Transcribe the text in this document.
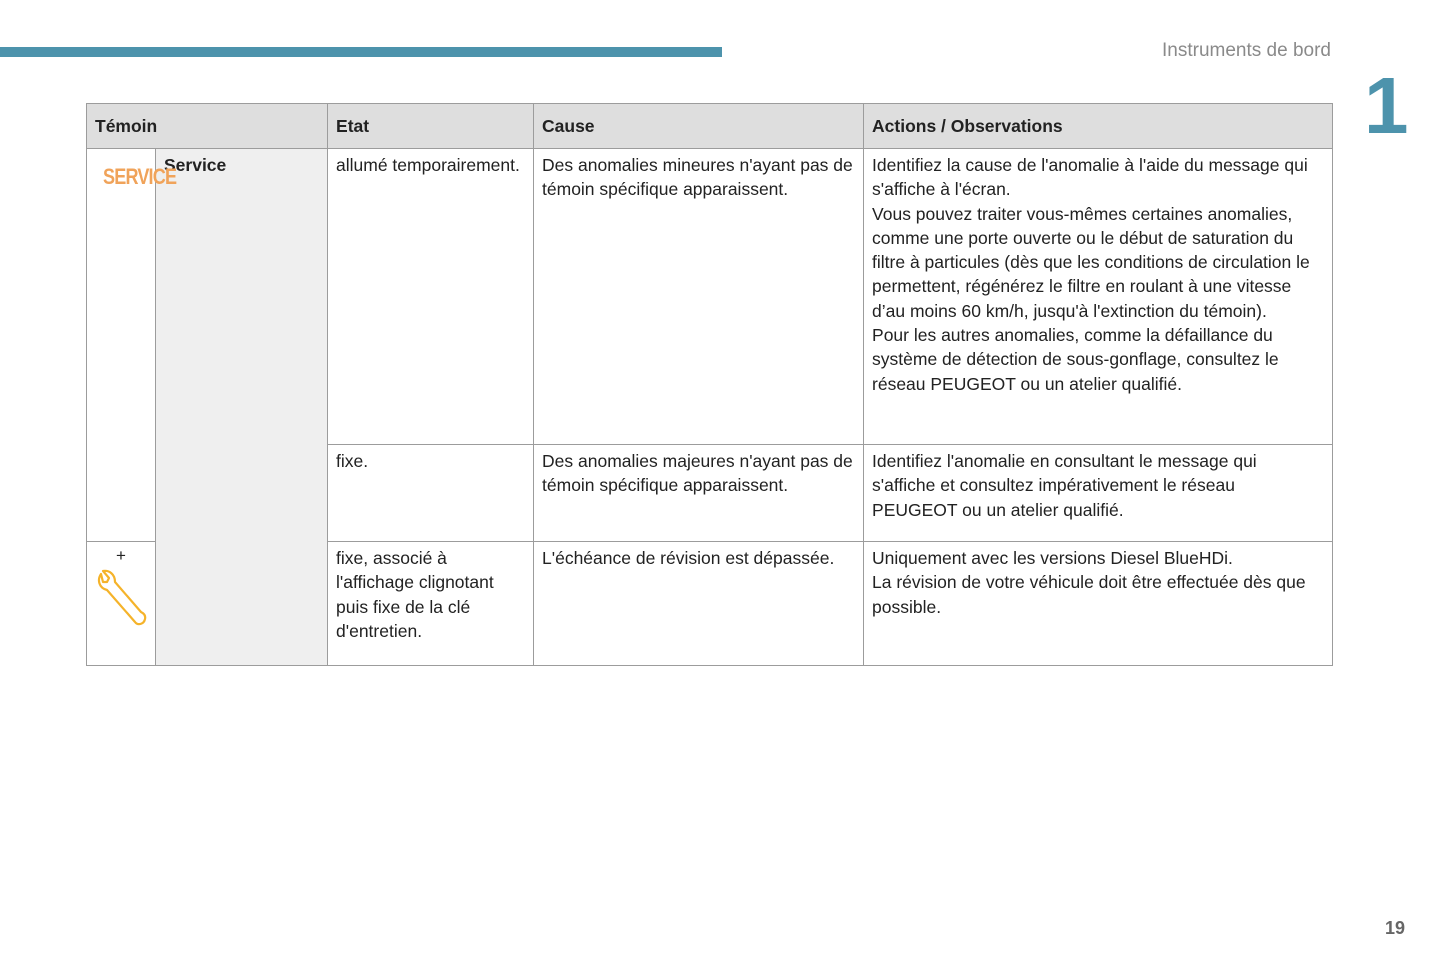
Instruments de bord
1
Témoin		Etat	Cause	Actions / Observations
SERVICE	Service	allumé temporairement.	Des anomalies mineures n'ayant pas de témoin spécifique apparaissent.	Identifiez la cause de l'anomalie à l'aide du message qui s'affiche à l'écran.
Vous pouvez traiter vous-mêmes certaines anomalies, comme une porte ouverte ou le début de saturation du filtre à particules (dès que les conditions de circulation le permettent, régénérez le filtre en roulant à une vitesse d’au moins 60 km/h, jusqu'à l'extinction du témoin).
Pour les autres anomalies, comme la défaillance du système de détection de sous-gonflage, consultez le réseau PEUGEOT ou un atelier qualifié.

		fixe.	Des anomalies majeures n'ayant pas de témoin spécifique apparaissent.	Identifiez l'anomalie en consultant le message qui s'affiche et consultez impérativement le réseau PEUGEOT ou un atelier qualifié.

+		fixe, associé à l'affichage clignotant puis fixe de la clé d'entretien.	L'échéance de révision est dépassée.	Uniquement avec les versions Diesel BlueHDi.
La révision de votre véhicule doit être effectuée dès que possible.
19
